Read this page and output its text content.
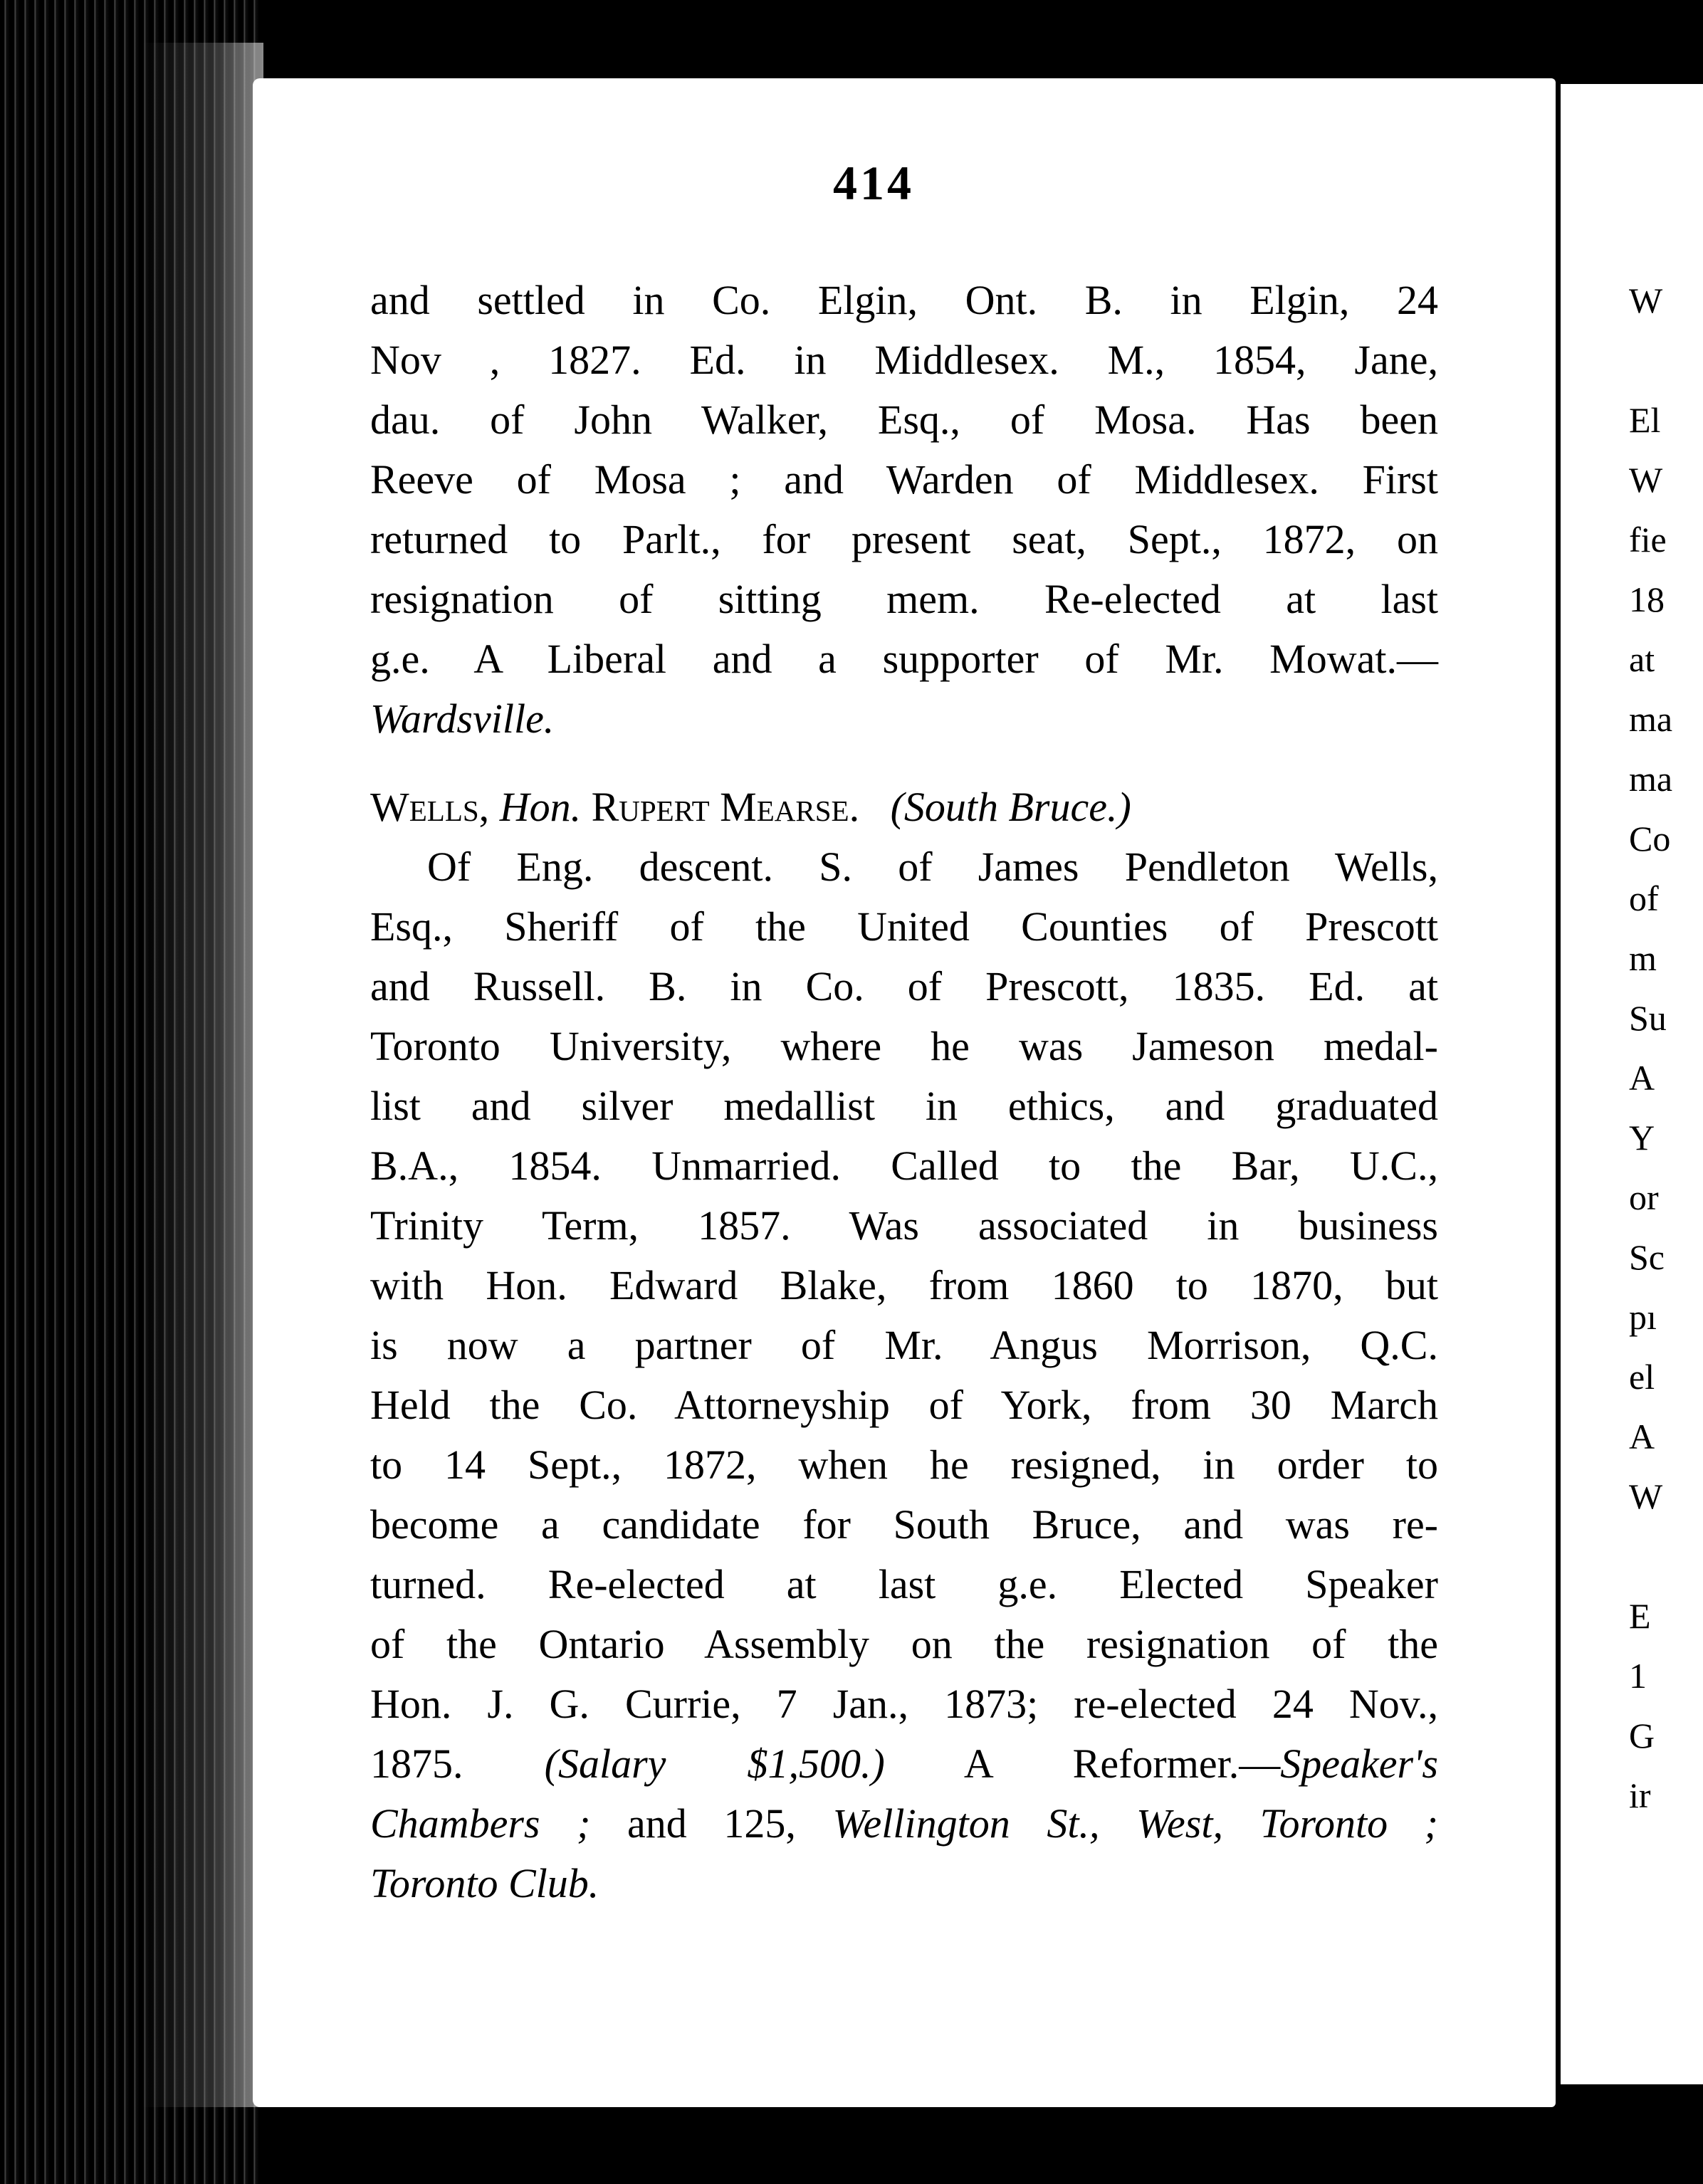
414
and settled in Co. Elgin, Ont. B. in Elgin, 24
Nov , 1827. Ed. in Middlesex. M., 1854, Jane,
dau. of John Walker, Esq., of Mosa. Has been
Reeve of Mosa ; and Warden of Middlesex. First
returned to Parlt., for present seat, Sept., 1872, on
resignation of sitting mem. Re-elected at last
g.e. A Liberal and a supporter of Mr. Mowat.—
Wardsville.
Wells, Hon. Rupert Mearse. (South Bruce.)
Of Eng. descent. S. of James Pendleton Wells,
Esq., Sheriff of the United Counties of Prescott
and Russell. B. in Co. of Prescott, 1835. Ed. at
Toronto University, where he was Jameson medal-
list and silver medallist in ethics, and graduated
B.A., 1854. Unmarried. Called to the Bar, U.C.,
Trinity Term, 1857. Was associated in business
with Hon. Edward Blake, from 1860 to 1870, but
is now a partner of Mr. Angus Morrison, Q.C.
Held the Co. Attorneyship of York, from 30 March
to 14 Sept., 1872, when he resigned, in order to
become a candidate for South Bruce, and was re-
turned. Re-elected at last g.e. Elected Speaker
of the Ontario Assembly on the resignation of the
Hon. J. G. Currie, 7 Jan., 1873; re-elected 24 Nov.,
1875. (Salary $1,500.) A Reformer.—Speaker's
Chambers ; and 125, Wellington St., West, Toronto ;
Toronto Club.
W
El
W
fie
18
at
ma
ma
Co
of
m
Su
A
Y
or
Sc
pı
el
A
W
E
1
G
ir
